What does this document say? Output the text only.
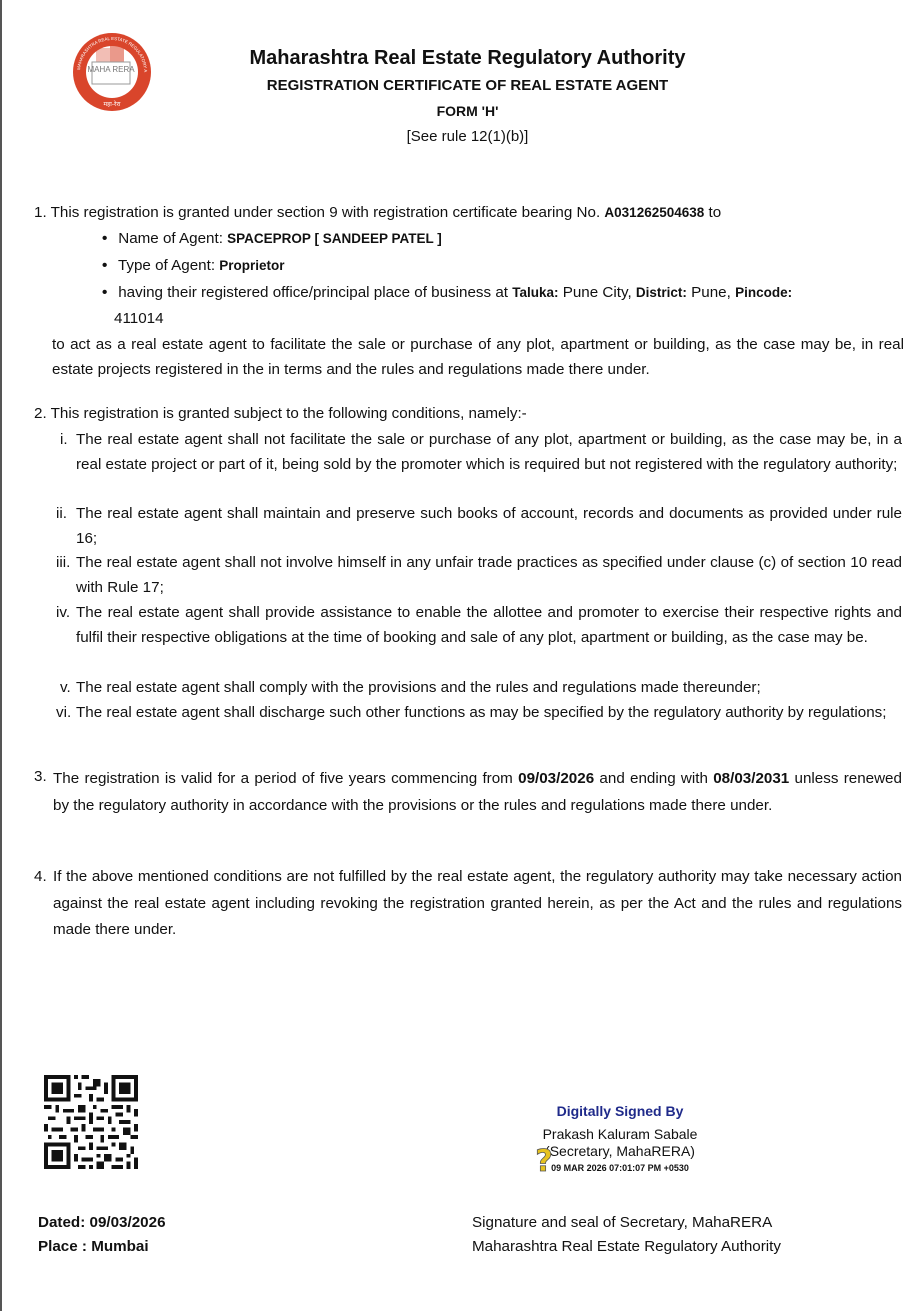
MAHA RERA
MAHARASHTRA REAL ESTATE REGULATORY A
महा-रेरा
Maharashtra Real Estate Regulatory Authority
REGISTRATION CERTIFICATE OF REAL ESTATE AGENT
FORM 'H'
[See rule 12(1)(b)]
1. This registration is granted under section 9 with registration certificate bearing No. A031262504638 to
• Name of Agent: SPACEPROP [ SANDEEP PATEL ]
• Type of Agent: Proprietor
• having their registered office/principal place of business at Taluka: Pune City, District: Pune, Pincode:
411014
to act as a real estate agent to facilitate the sale or purchase of any plot, apartment or building, as the case may be, in real estate projects registered in the in terms and the rules and regulations made there under.
2. This registration is granted subject to the following conditions, namely:-
i. The real estate agent shall not facilitate the sale or purchase of any plot, apartment or building, as the case may be, in a real estate project or part of it, being sold by the promoter which is required but not registered with the regulatory authority;
ii. The real estate agent shall maintain and preserve such books of account, records and documents as provided under rule 16;
iii. The real estate agent shall not involve himself in any unfair trade practices as specified under clause (c) of section 10 read with Rule 17;
iv. The real estate agent shall provide assistance to enable the allottee and promoter to exercise their respective rights and fulfil their respective obligations at the time of booking and sale of any plot, apartment or building, as the case may be.
v. The real estate agent shall comply with the provisions and the rules and regulations made thereunder;
vi. The real estate agent shall discharge such other functions as may be specified by the regulatory authority by regulations;
3. The registration is valid for a period of five years commencing from 09/03/2026 and ending with 08/03/2031 unless renewed by the regulatory authority in accordance with the provisions or the rules and regulations made there under.
4. If the above mentioned conditions are not fulfilled by the real estate agent, the regulatory authority may take necessary action against the real estate agent including revoking the registration granted herein, as per the Act and the rules and regulations made there under.
Digitally Signed By
Prakash Kaluram Sabale
(Secretary, MahaRERA)
09 MAR 2026 07:01:07 PM +0530
?
Dated: 09/03/2026
Place : Mumbai
Signature and seal of Secretary, MahaRERA
Maharashtra Real Estate Regulatory Authority
